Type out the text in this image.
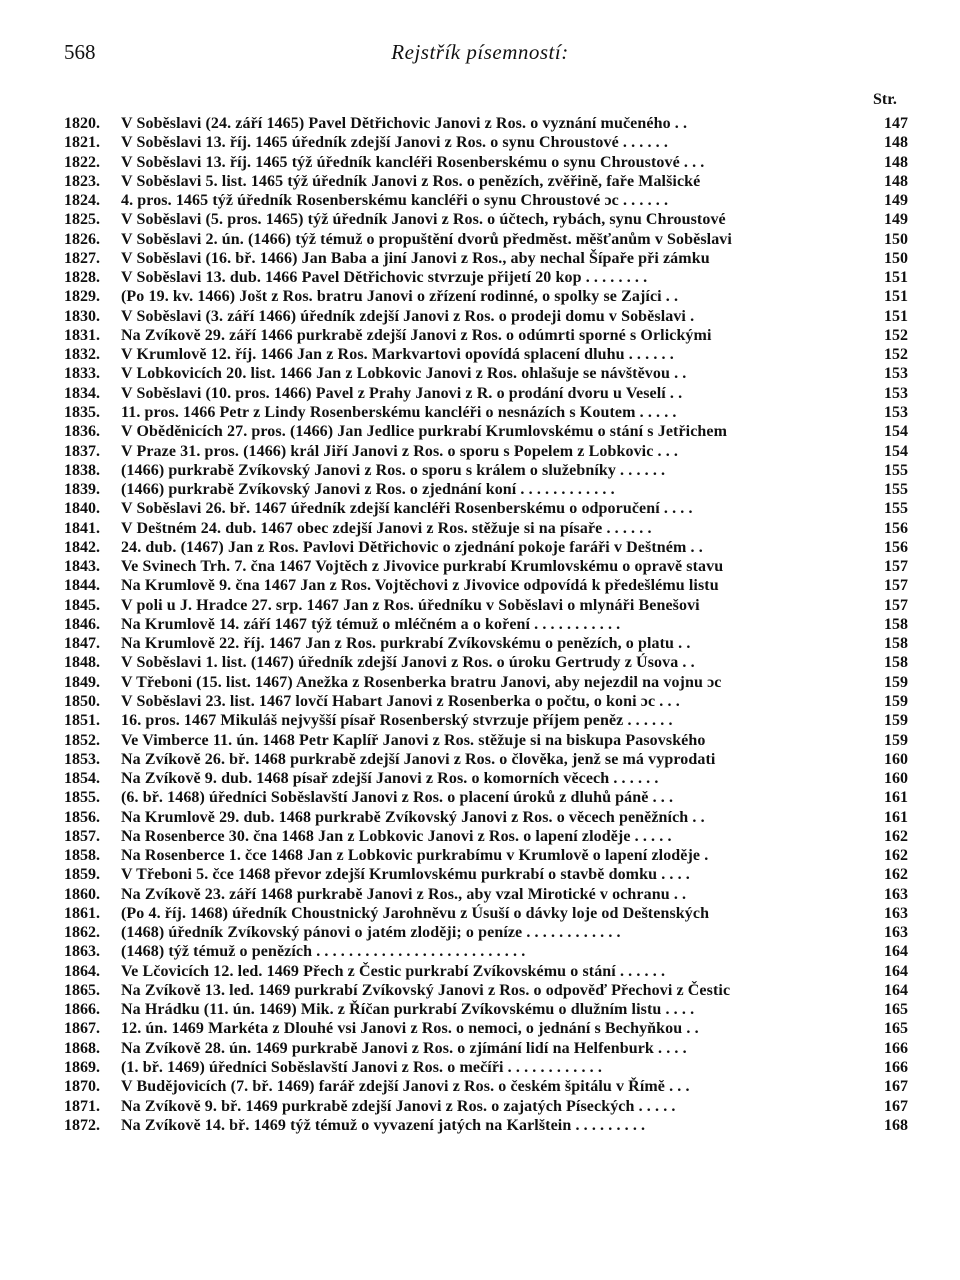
568	Rejstřík písemností:
Str.
1820.	V Soběslavi (24. září 1465) Pavel Dětřichovic Janovi z Ros. o vyznání mučeného . .	147
1821.	V Soběslavi 13. říj. 1465 úředník zdejší Janovi z Ros. o synu Chroustové . . . . . .	148
1822.	V Soběslavi 13. říj. 1465 týž úředník kancléři Rosenberskému o synu Chroustové . . .	148
1823.	V Soběslavi 5. list. 1465 týž úředník Janovi z Ros. o penězích, zvěřině, faře Malšické	148
1824.	4. pros. 1465 týž úředník Rosenberskému kancléři o synu Chroustové ɔc . . . . . .	149
1825.	V Soběslavi (5. pros. 1465) týž úředník Janovi z Ros. o účtech, rybách, synu Chroustové	149
1826.	V Soběslavi 2. ún. (1466) týž témuž o propuštění dvorů předměst. měšťanům v Soběslavi	150
1827.	V Soběslavi (16. bř. 1466) Jan Baba a jiní Janovi z Ros., aby nechal Šípaře při zámku	150
1828.	V Soběslavi 13. dub. 1466 Pavel Dětřichovic stvrzuje přijetí 20 kop . . . . . . . .	151
1829.	(Po 19. kv. 1466) Jošt z Ros. bratru Janovi o zřízení rodinné, o spolky se Zajíci . .	151
1830.	V Soběslavi (3. září 1466) úředník zdejší Janovi z Ros. o prodeji domu v Soběslavi .	151
1831.	Na Zvíkově 29. září 1466 purkrabě zdejší Janovi z Ros. o odúmrti sporné s Orlickými	152
1832.	V Krumlově 12. říj. 1466 Jan z Ros. Markvartovi opovídá splacení dluhu . . . . . .	152
1833.	V Lobkovicích 20. list. 1466 Jan z Lobkovic Janovi z Ros. ohlašuje se návštěvou . .	153
1834.	V Soběslavi (10. pros. 1466) Pavel z Prahy Janovi z R. o prodání dvoru u Veselí . .	153
1835.	11. pros. 1466 Petr z Lindy Rosenberskému kancléři o nesnázích s Koutem . . . . .	153
1836.	V Oběděnicích 27. pros. (1466) Jan Jedlice purkrabí Krumlovskému o stání s Jetřichem	154
1837.	V Praze 31. pros. (1466) král Jiří Janovi z Ros. o sporu s Popelem z Lobkovic . . .	154
1838.	(1466) purkrabě Zvíkovský Janovi z Ros. o sporu s králem o služebníky . . . . . .	155
1839.	(1466) purkrabě Zvíkovský Janovi z Ros. o zjednání koní . . . . . . . . . . . .	155
1840.	V Soběslavi 26. bř. 1467 úředník zdejší kancléři Rosenberskému o odporučení . . . .	155
1841.	V Deštném 24. dub. 1467 obec zdejší Janovi z Ros. stěžuje si na písaře . . . . . .	156
1842.	24. dub. (1467) Jan z Ros. Pavlovi Dětřichovic o zjednání pokoje faráři v Deštném . .	156
1843.	Ve Svinech Trh. 7. čna 1467 Vojtěch z Jivovice purkrabí Krumlovskému o opravě stavu	157
1844.	Na Krumlově 9. čna 1467 Jan z Ros. Vojtěchovi z Jivovice odpovídá k předešlému listu	157
1845.	V poli u J. Hradce 27. srp. 1467 Jan z Ros. úředníku v Soběslavi o mlynáři Benešovi	157
1846.	Na Krumlově 14. září 1467 týž témuž o mléčném a o koření . . . . . . . . . . .	158
1847.	Na Krumlově 22. říj. 1467 Jan z Ros. purkrabí Zvíkovskému o penězích, o platu . .	158
1848.	V Soběslavi 1. list. (1467) úředník zdejší Janovi z Ros. o úroku Gertrudy z Úsova . .	158
1849.	V Třeboni (15. list. 1467) Anežka z Rosenberka bratru Janovi, aby nejezdil na vojnu ɔc	159
1850.	V Soběslavi 23. list. 1467 lovčí Habart Janovi z Rosenberka o počtu, o koni ɔc . . .	159
1851.	16. pros. 1467 Mikuláš nejvyšší písař Rosenberský stvrzuje příjem peněz . . . . . .	159
1852.	Ve Vimberce 11. ún. 1468 Petr Kaplíř Janovi z Ros. stěžuje si na biskupa Pasovského	159
1853.	Na Zvíkově 26. bř. 1468 purkrabě zdejší Janovi z Ros. o člověka, jenž se má vyprodati	160
1854.	Na Zvíkově 9. dub. 1468 písař zdejší Janovi z Ros. o komorních věcech . . . . . .	160
1855.	(6. bř. 1468) úředníci Soběslavští Janovi z Ros. o placení úroků z dluhů páně . . .	161
1856.	Na Krumlově 29. dub. 1468 purkrabě Zvíkovský Janovi z Ros. o věcech peněžních . .	161
1857.	Na Rosenberce 30. čna 1468 Jan z Lobkovic Janovi z Ros. o lapení zloděje . . . . .	162
1858.	Na Rosenberce 1. čce 1468 Jan z Lobkovic purkrabímu v Krumlově o lapení zloděje .	162
1859.	V Třeboni 5. čce 1468 převor zdejší Krumlovskému purkrabí o stavbě domku . . . .	162
1860.	Na Zvíkově 23. září 1468 purkrabě Janovi z Ros., aby vzal Mirotické v ochranu . .	163
1861.	(Po 4. říj. 1468) úředník Choustnický Jarohněvu z Úsuší o dávky loje od Deštenských	163
1862.	(1468) úředník Zvíkovský pánovi o jatém zloději; o peníze . . . . . . . . . . . .	163
1863.	(1468) týž témuž o penězích . . . . . . . . . . . . . . . . . . . . . . . . . .	164
1864.	Ve Lčovicích 12. led. 1469 Přech z Čestic purkrabí Zvíkovskému o stání . . . . . .	164
1865.	Na Zvíkově 13. led. 1469 purkrabí Zvíkovský Janovi z Ros. o odpověď Přechovi z Čestic	164
1866.	Na Hrádku (11. ún. 1469) Mik. z Říčan purkrabí Zvíkovskému o dlužním listu . . . .	165
1867.	12. ún. 1469 Markéta z Dlouhé vsi Janovi z Ros. o nemoci, o jednání s Bechyňkou . .	165
1868.	Na Zvíkově 28. ún. 1469 purkrabě Janovi z Ros. o zjímání lidí na Helfenburk . . . .	166
1869.	(1. bř. 1469) úředníci Soběslavští Janovi z Ros. o mečíři . . . . . . . . . . . .	166
1870.	V Budějovicích (7. bř. 1469) farář zdejší Janovi z Ros. o českém špitálu v Římě . . .	167
1871.	Na Zvíkově 9. bř. 1469 purkrabě zdejší Janovi z Ros. o zajatých Píseckých . . . . .	167
1872.	Na Zvíkově 14. bř. 1469 týž témuž o vyvazení jatých na Karlštein . . . . . . . . .	168
